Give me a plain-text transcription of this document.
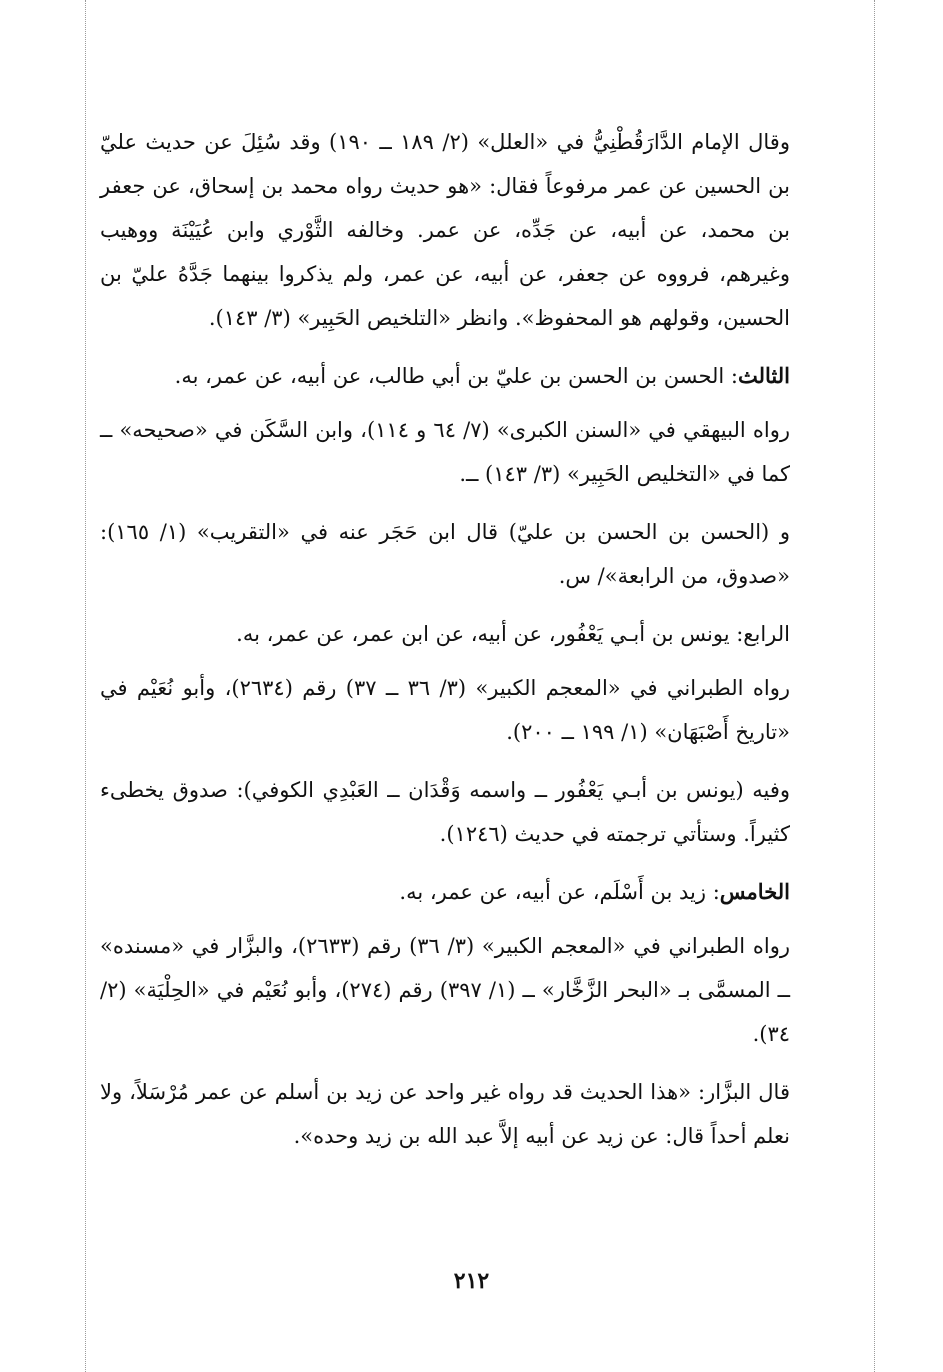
وقال الإمام الدَّارَقُطْنِيُّ في «العلل» (٢/ ١٨٩ ــ ١٩٠) وقد سُئِلَ عن حديث عليّ بن الحسين عن عمر مرفوعاً فقال: «هو حديث رواه محمد بن إسحاق، عن جعفر بن محمد، عن أبيه، عن جَدِّه، عن عمر. وخالفه الثَّوْري وابن عُيَيْنَة ووهيب وغيرهم، فرووه عن جعفر، عن أبيه، عن عمر، ولم يذكروا بينهما جَدَّهُ عليّ بن الحسين، وقولهم هو المحفوظ». وانظر «التلخيص الحَبِير» (٣/ ١٤٣).

الثالث: الحسن بن الحسن بن عليّ بن أبي طالب، عن أبيه، عن عمر، به.

رواه البيهقي في «السنن الكبرى» (٧/ ٦٤ و ١١٤)، وابن السَّكَن في «صحيحه» ــ كما في «التخليص الحَبِير» (٣/ ١٤٣) ــ.

و (الحسن بن الحسن بن عليّ) قال ابن حَجَر عنه في «التقريب» (١/ ١٦٥): «صدوق، من الرابعة»/ س.

الرابع: يونس بن أبـي يَعْفُور، عن أبيه، عن ابن عمر، عن عمر، به.

رواه الطبراني في «المعجم الكبير» (٣/ ٣٦ ــ ٣٧) رقم (٢٦٣٤)، وأبو نُعَيْم في «تاريخ أَصْبَهَان» (١/ ١٩٩ ــ ٢٠٠).

وفيه (يونس بن أبـي يَعْفُور ــ واسمه وَقْدَان ــ العَبْدِي الكوفي): صدوق يخطىء كثيراً. وستأتي ترجمته في حديث (١٢٤٦).

الخامس: زيد بن أَسْلَم، عن أبيه، عن عمر، به.

رواه الطبراني في «المعجم الكبير» (٣/ ٣٦) رقم (٢٦٣٣)، والبزَّار في «مسنده» ــ المسمَّى بـ «البحر الزَّخَّار» ــ (١/ ٣٩٧) رقم (٢٧٤)، وأبو نُعَيْم في «الحِلْيَة» (٢/ ٣٤).

قال البزَّار: «هذا الحديث قد رواه غير واحد عن زيد بن أسلم عن عمر مُرْسَلاً، ولا نعلم أحداً قال: عن زيد عن أبيه إلاَّ عبد الله بن زيد وحده».

٢١٢
